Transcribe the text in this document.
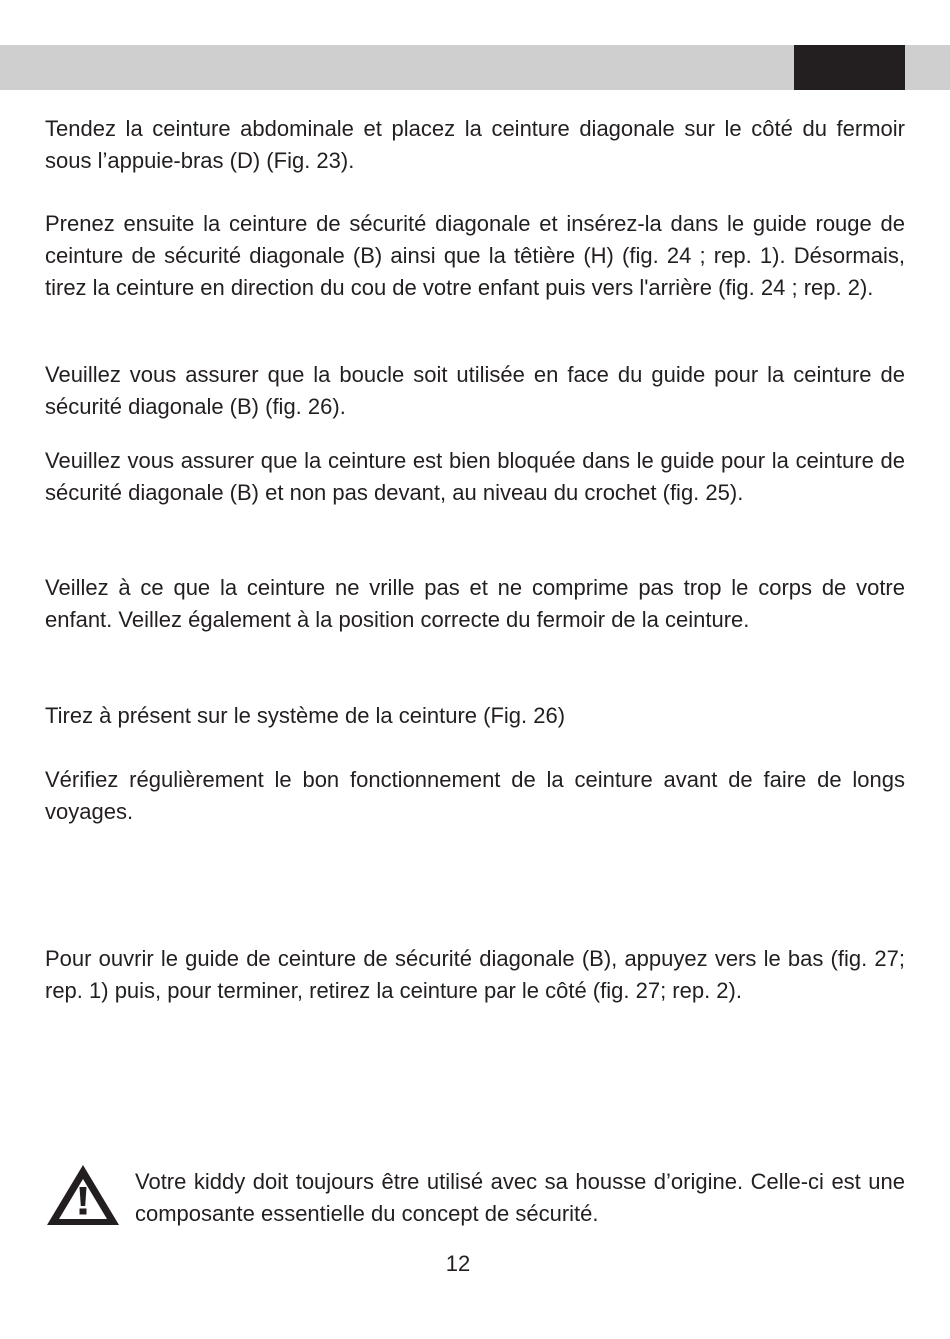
Tendez la ceinture abdominale et placez la ceinture diagonale sur le côté du fermoir sous l’appuie-bras (D) (Fig. 23).

Prenez ensuite la ceinture de sécurité diagonale et insérez-la dans le guide rouge de ceinture de sécurité diagonale (B) ainsi que la têtière (H) (fig. 24 ; rep. 1). Désormais, tirez la ceinture en direction du cou de votre enfant puis vers l'arrière (fig. 24 ; rep. 2).

Veuillez vous assurer que la boucle soit utilisée en face du guide pour la ceinture de sécurité diagonale (B) (fig. 26).

Veuillez vous assurer que la ceinture est bien bloquée dans le guide pour la ceinture de sécurité diagonale (B) et non pas devant, au niveau du crochet (fig. 25).

Veillez à ce que la ceinture ne vrille pas et ne comprime pas trop le corps de votre enfant. Veillez également à la position correcte du fermoir de la ceinture.

Tirez à présent sur le système de la ceinture (Fig. 26)

Vérifiez régulièrement le bon fonctionnement de la ceinture avant de faire de longs voyages.

Pour ouvrir le guide de ceinture de sécurité diagonale (B), appuyez vers le bas (fig. 27; rep. 1) puis, pour terminer, retirez la ceinture par le côté (fig. 27; rep. 2).

Votre kiddy doit toujours être utilisé avec sa housse d’origine. Celle-ci est une composante essentielle du concept de sécurité.

12
